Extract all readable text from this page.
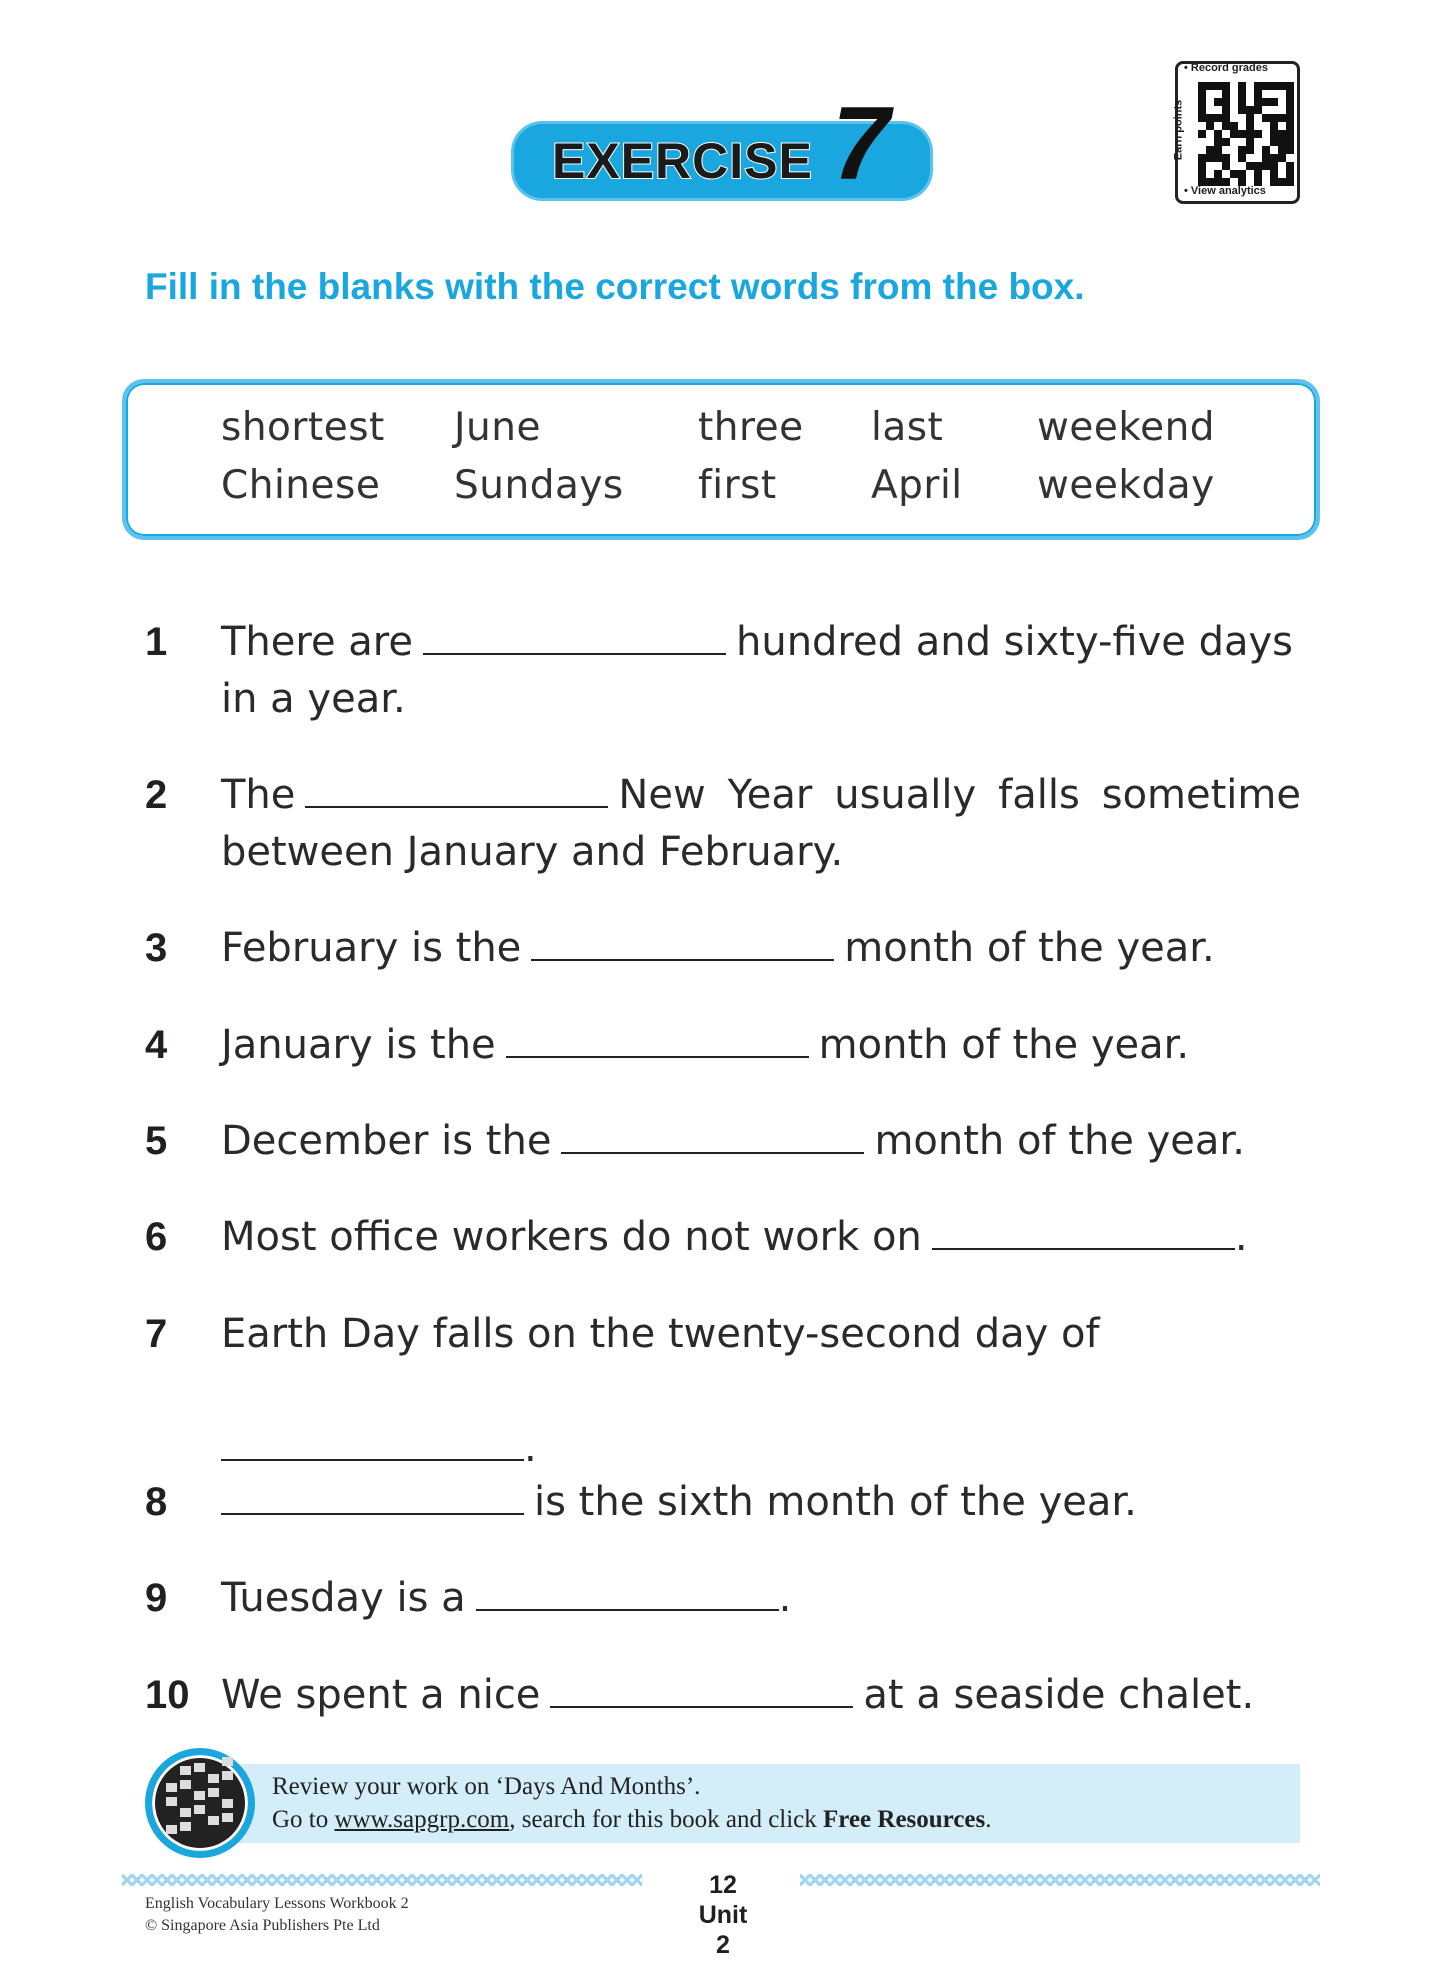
EXERCISE 7
• Record grades
Earn points
• View analytics
Fill in the blanks with the correct words from the box.
shortest June	three last weekend
Chinese Sundays first April weekday
1 There are	hundred and sixty-five days in a year.
2 The	New Year usually falls sometime between January and February.
3 February is the	month of the year.
4 January is the	month of the year.
5 December is the	month of the year.
6 Most office workers do not work on	.
7 Earth Day falls on the twenty-second day of

.
8	is the sixth month of the year.
9 Tuesday is a	.
10 We spent a nice	at a seaside chalet.
Review your work on ‘Days And Months’.
Go to www.sapgrp.com, search for this book and click Free Resources.
12
Unit 2
English Vocabulary Lessons Workbook 2
© Singapore Asia Publishers Pte Ltd
